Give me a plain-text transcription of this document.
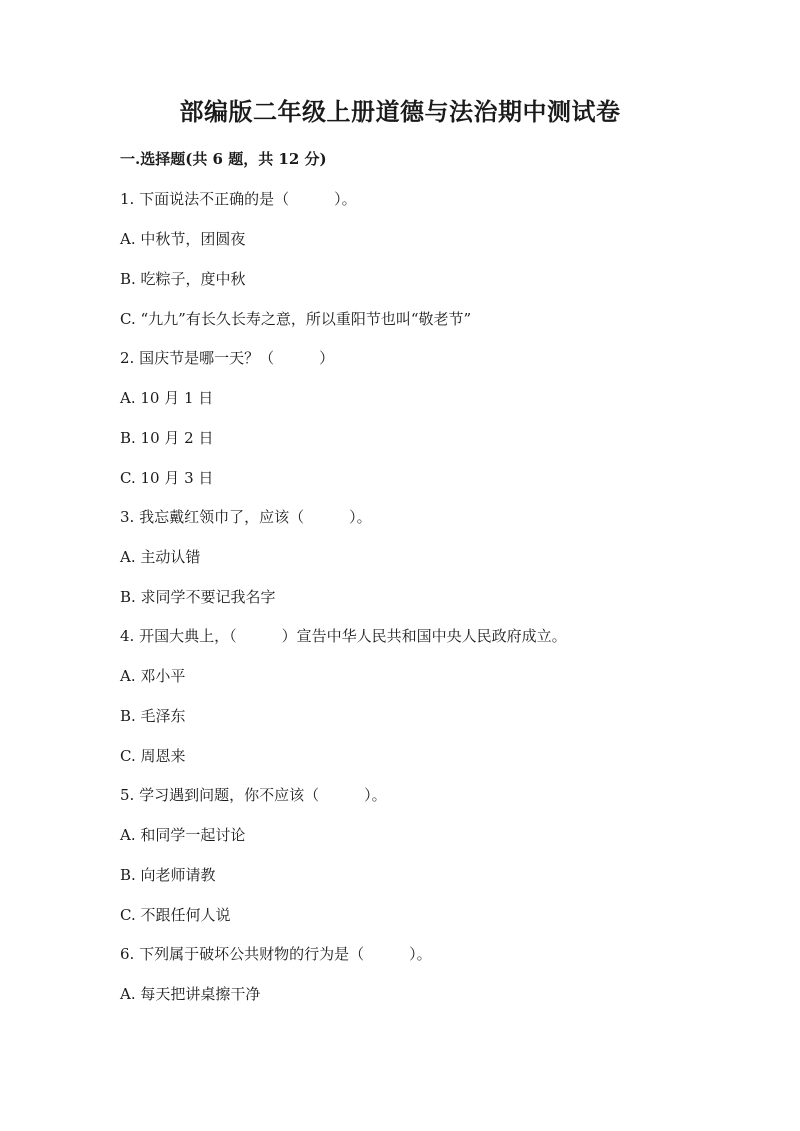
部编版二年级上册道德与法治期中测试卷
一.选择题(共 6 题，共 12 分)
1. 下面说法不正确的是（　　　）。
A. 中秋节，团圆夜
B. 吃粽子，度中秋
C. “九九”有长久长寿之意，所以重阳节也叫“敬老节”
2. 国庆节是哪一天？（　　　）
A. 10 月 1 日
B. 10 月 2 日
C. 10 月 3 日
3. 我忘戴红领巾了，应该（　　　）。
A. 主动认错
B. 求同学不要记我名字
4. 开国大典上，（　　　）宣告中华人民共和国中央人民政府成立。
A. 邓小平
B. 毛泽东
C. 周恩来
5. 学习遇到问题，你不应该（　　　）。
A. 和同学一起讨论
B. 向老师请教
C. 不跟任何人说
6. 下列属于破坏公共财物的行为是（　　　）。
A. 每天把讲桌擦干净
